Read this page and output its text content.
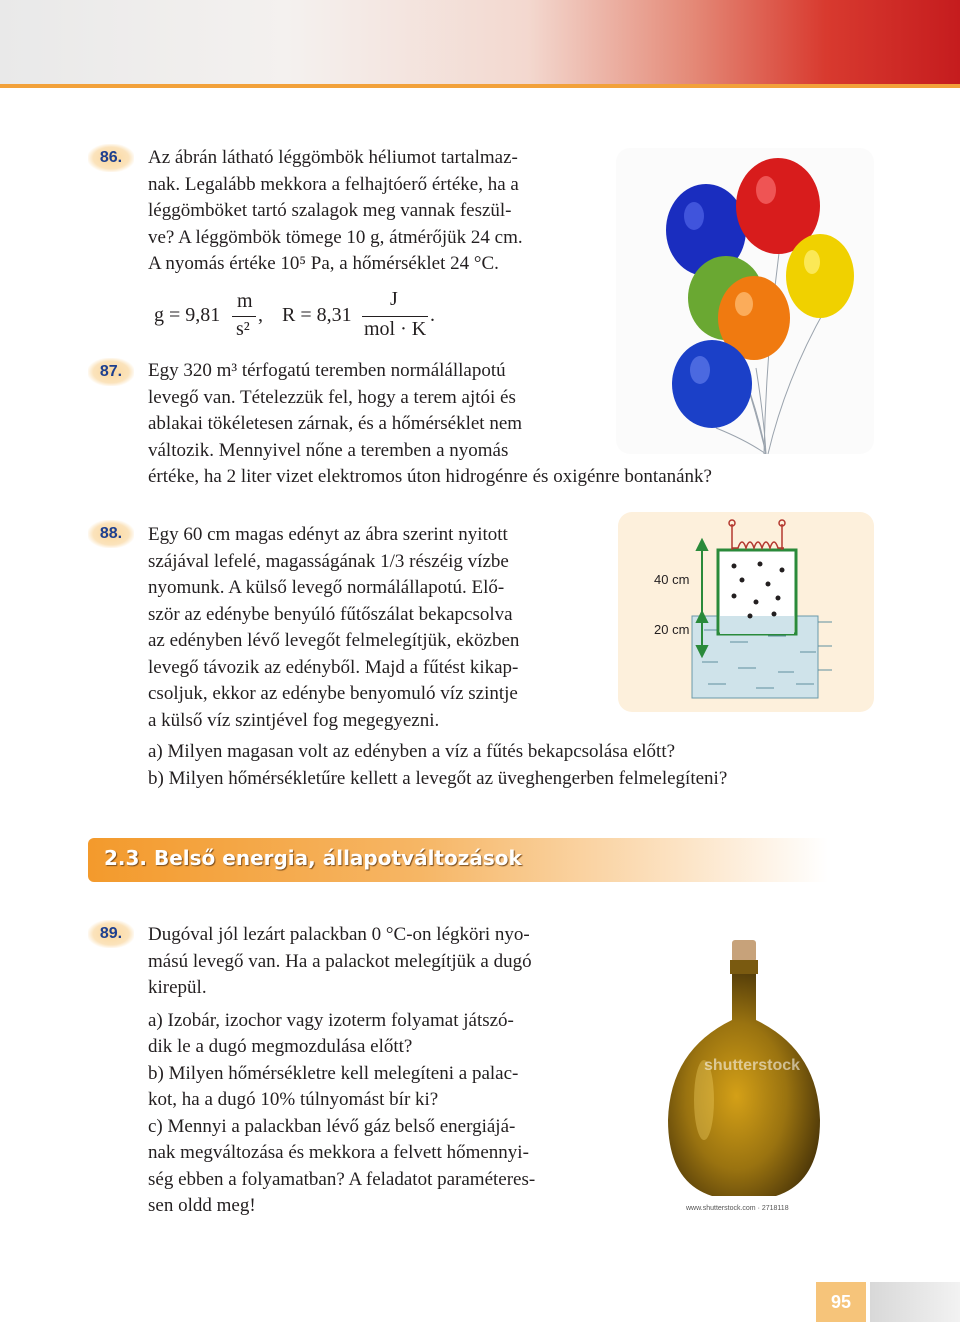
86.	Az ábrán látható léggömbök héliumot tartalmaz-
nak. Legalább mekkora a felhajtóerő értéke, ha a
léggömböket tartó szalagok meg vannak feszül-
ve? A léggömbök tömege 10 g, átmérőjük 24 cm.
A nyomás értéke 10⁵ Pa, a hőmérséklet 24 °C.
g = 9,81
m
s²
, R = 8,31
J
mol · K
.
87.	Egy 320 m³ térfogatú teremben normálállapotú
levegő van. Tételezzük fel, hogy a terem ajtói és
ablakai tökéletesen zárnak, és a hőmérséklet nem
változik. Mennyivel nőne a teremben a nyomás
értéke, ha 2 liter vizet elektromos úton hidrogénre és oxigénre bontanánk?
88.	Egy 60 cm magas edényt az ábra szerint nyitott
szájával lefelé, magasságának 1/3 részéig vízbe
nyomunk. A külső levegő normálállapotú. Elő-
ször az edénybe benyúló fűtőszálat bekapcsolva
az edényben lévő levegőt felmelegítjük, eközben
levegő távozik az edényből. Majd a fűtést kikap-
csoljuk, ekkor az edénybe benyomuló víz szintje
a külső víz szintjével fog megegyezni.
a) Milyen magasan volt az edényben a víz a fűtés bekapcsolása előtt?
b) Milyen hőmérsékletűre kellett a levegőt az üveghengerben felmelegíteni?
40 cm
20 cm
2.3. Belső energia, állapotváltozások
89.	Dugóval jól lezárt palackban 0 °C-on légköri nyo-
mású levegő van. Ha a palackot melegítjük a dugó
kirepül.
a) Izobár, izochor vagy izoterm folyamat játszó-
dik le a dugó megmozdulása előtt?
b) Milyen hőmérsékletre kell melegíteni a palac-
kot, ha a dugó 10% túlnyomást bír ki?
c) Mennyi a palackban lévő gáz belső energiájá-
nak megváltozása és mekkora a felvett hőmennyi-
ség ebben a folyamatban? A feladatot paraméteres-
sen oldd meg!
shutterstock
www.shutterstock.com · 2718118
95
